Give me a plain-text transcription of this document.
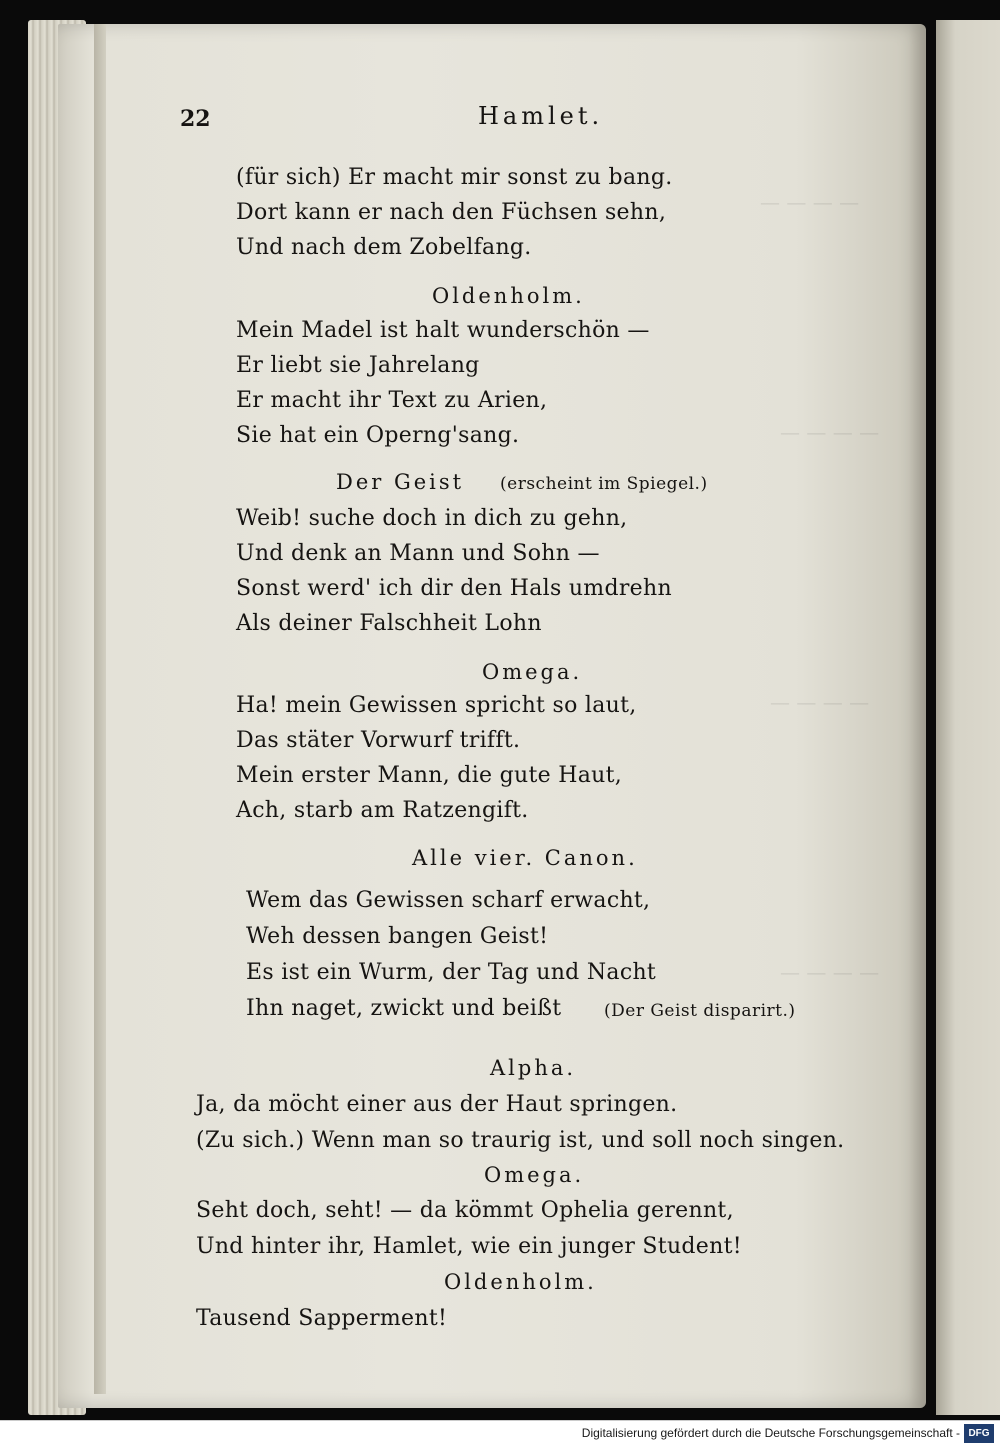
— — — —
— — — —
— — — —
— — — —
22	Hamlet.
(für sich) Er macht mir sonst zu bang.
Dort kann er nach den Füchsen sehn,
Und nach dem Zobelfang.
Oldenholm.
Mein Madel ist halt wunderschön —
Er liebt sie Jahrelang
Er macht ihr Text zu Arien,
Sie hat ein Operng'sang.
Der Geist (erscheint im Spiegel.)
Weib! suche doch in dich zu gehn,
Und denk an Mann und Sohn —
Sonst werd' ich dir den Hals umdrehn
Als deiner Falschheit Lohn
Omega.
Ha! mein Gewissen spricht so laut,
Das stäter Vorwurf trifft.
Mein erster Mann, die gute Haut,
Ach, starb am Ratzengift.
Alle vier. Canon.
Wem das Gewissen scharf erwacht,
Weh dessen bangen Geist!
Es ist ein Wurm, der Tag und Nacht
Ihn naget, zwickt und beißt	(Der Geist disparirt.)
Alpha.
Ja, da möcht einer aus der Haut springen.
(Zu sich.) Wenn man so traurig ist, und soll noch singen.
Omega.
Seht doch, seht! — da kömmt Ophelia gerennt,
Und hinter ihr, Hamlet, wie ein junger Student!
Oldenholm.
Tausend Sapperment!
Digitalisierung gefördert durch die Deutsche Forschungsgemeinschaft - DFG
